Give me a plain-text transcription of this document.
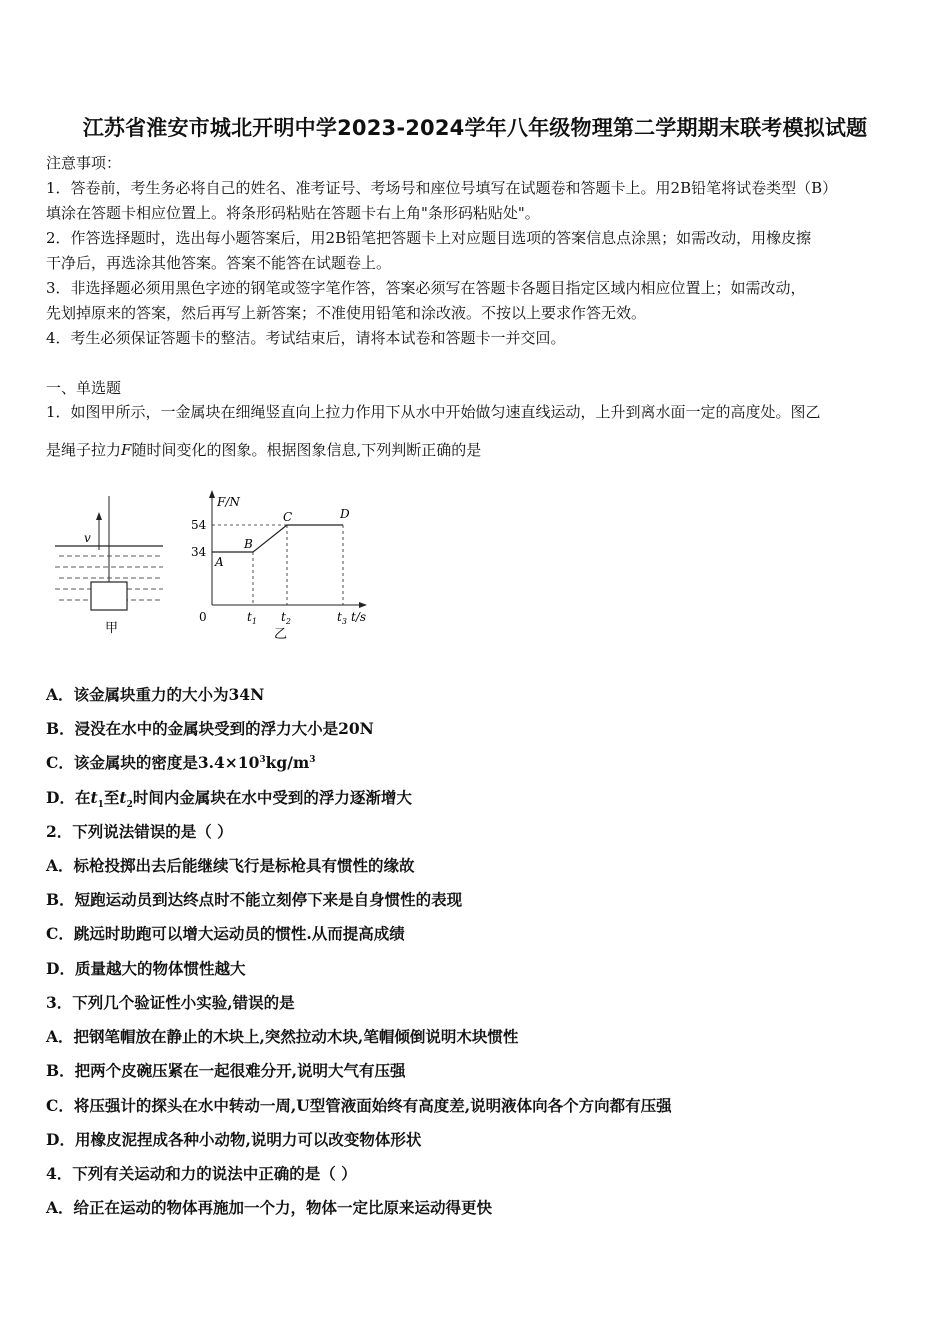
江苏省淮安市城北开明中学2023-2024学年八年级物理第二学期期末联考模拟试题
注意事项：
1．答卷前，考生务必将自己的姓名、准考证号、考场号和座位号填写在试题卷和答题卡上。用2B铅笔将试卷类型（B）
填涂在答题卡相应位置上。将条形码粘贴在答题卡右上角"条形码粘贴处"。
2．作答选择题时，选出每小题答案后，用2B铅笔把答题卡上对应题目选项的答案信息点涂黑；如需改动，用橡皮擦
干净后，再选涂其他答案。答案不能答在试题卷上。
3．非选择题必须用黑色字迹的钢笔或签字笔作答，答案必须写在答题卡各题目指定区域内相应位置上；如需改动，
先划掉原来的答案，然后再写上新答案；不准使用铅笔和涂改液。不按以上要求作答无效。
4．考生必须保证答题卡的整洁。考试结束后，请将本试卷和答题卡一并交回。
一、单选题
1．如图甲所示，一金属块在细绳竖直向上拉力作用下从水中开始做匀速直线运动，上升到离水面一定的高度处。图乙
是绳子拉力F随时间变化的图象。根据图象信息,下列判断正确的是
v
甲
F/N
t/s
0
54
34
A
B
C	D
$t_1$ $t_2$	$t_3$
乙
A．该金属块重力的大小为34N
B．浸没在水中的金属块受到的浮力大小是20N
C．该金属块的密度是$3.4\times 10^3kg/m^3$
D．在$t_1$至$t_2$时间内金属块在水中受到的浮力逐渐增大
2．下列说法错误的是（ ）
A．标枪投掷出去后能继续飞行是标枪具有惯性的缘故
B．短跑运动员到达终点时不能立刻停下来是自身惯性的表现
C．跳远时助跑可以增大运动员的惯性.从而提高成绩
D．质量越大的物体惯性越大
3．下列几个验证性小实验,错误的是
A．把钢笔帽放在静止的木块上,突然拉动木块,笔帽倾倒说明木块惯性
B．把两个皮碗压紧在一起很难分开,说明大气有压强
C．将压强计的探头在水中转动一周,U型管液面始终有高度差,说明液体向各个方向都有压强
D．用橡皮泥捏成各种小动物,说明力可以改变物体形状
4．下列有关运动和力的说法中正确的是（ ）
A．给正在运动的物体再施加一个力，物体一定比原来运动得更快
